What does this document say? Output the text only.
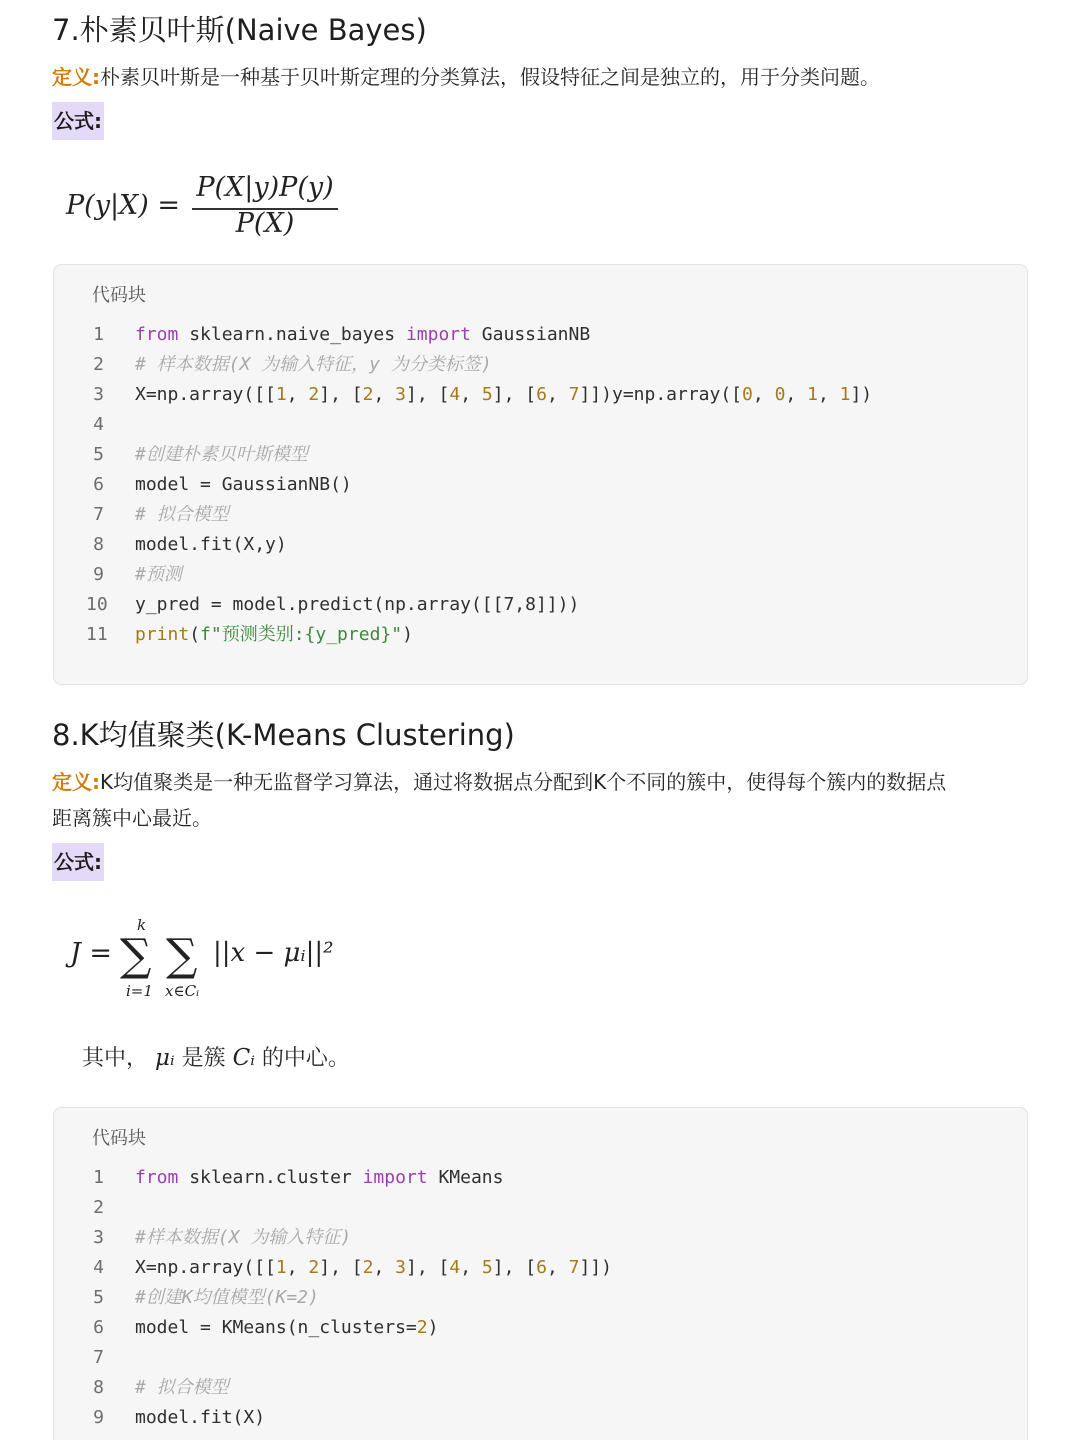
7.朴素贝叶斯(Naive Bayes)
定义:朴素贝叶斯是一种基于贝叶斯定理的分类算法，假设特征之间是独立的，用于分类问题。
公式:
P(y|X) =
P(X|y)P(y)
P(X)
代码块
1 from sklearn.naive_bayes import GaussianNB
2 # 样本数据(X 为输入特征，y 为分类标签)
3 X=np.array([[1, 2], [2, 3], [4, 5], [6, 7]])y=np.array([0, 0, 1, 1])
4
5 #创建朴素贝叶斯模型
6 model = GaussianNB()
7 # 拟合模型
8 model.fit(X,y)
9 #预测
10 y_pred = model.predict(np.array([[7,8]]))
11 print(f"预测类别:{y_pred}")
8.K均值聚类(K-Means Clustering)
定义:K均值聚类是一种无监督学习算法，通过将数据点分配到K个不同的簇中，使得每个簇内的数据点
距离簇中心最近。
公式:
J =
k
∑
i=1
∑
x∈Cᵢ
||x − μᵢ||²
其中， μᵢ 是簇 Cᵢ 的中心。
代码块
1 from sklearn.cluster import KMeans
2
3 #样本数据(X 为输入特征)
4 X=np.array([[1, 2], [2, 3], [4, 5], [6, 7]])
5 #创建K均值模型(K=2)
6 model = KMeans(n_clusters=2)
7
8 # 拟合模型
9 model.fit(X)
